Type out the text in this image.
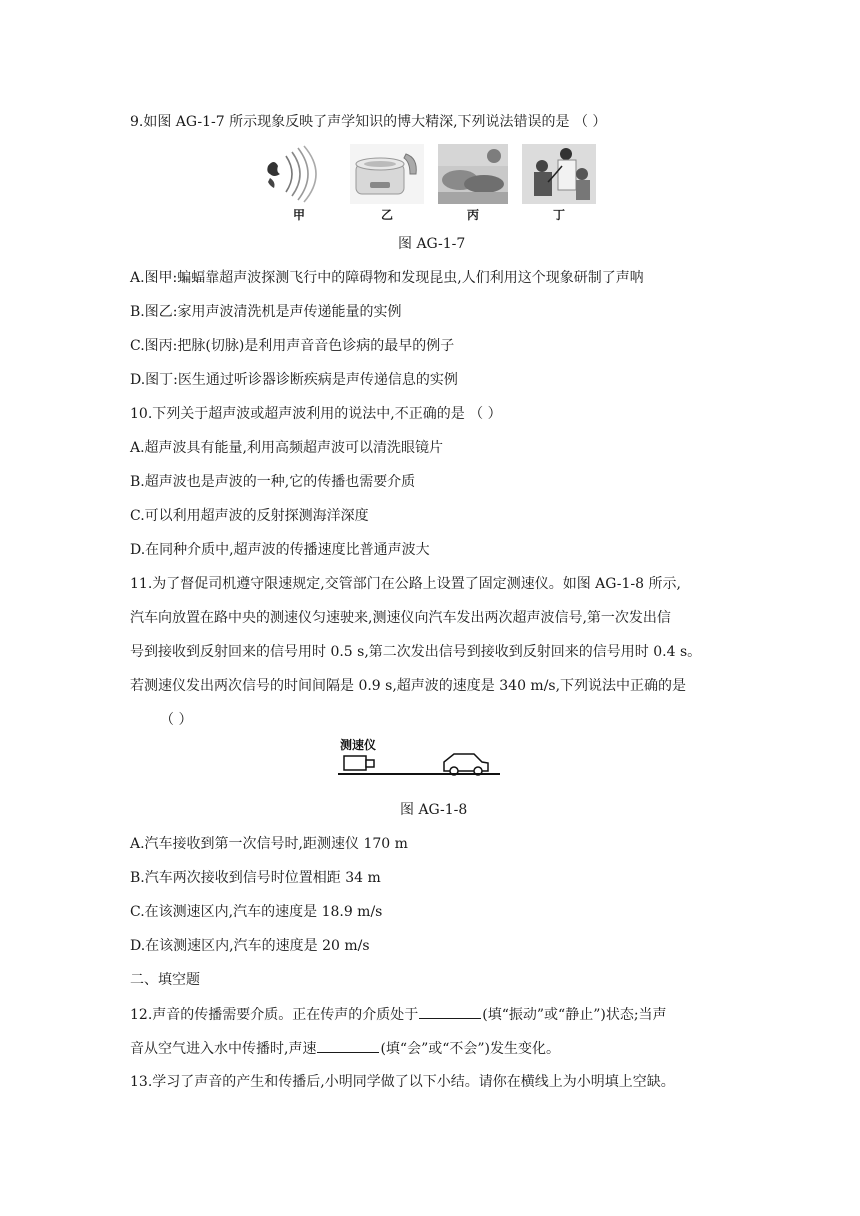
9.如图 AG-1-7 所示现象反映了声学知识的博大精深,下列说法错误的是 （ ）
甲	乙	丙	丁
图 AG-1-7
A.图甲:蝙蝠靠超声波探测飞行中的障碍物和发现昆虫,人们利用这个现象研制了声呐
B.图乙:家用声波清洗机是声传递能量的实例
C.图丙:把脉(切脉)是利用声音音色诊病的最早的例子
D.图丁:医生通过听诊器诊断疾病是声传递信息的实例
10.下列关于超声波或超声波利用的说法中,不正确的是 （ ）
A.超声波具有能量,利用高频超声波可以清洗眼镜片
B.超声波也是声波的一种,它的传播也需要介质
C.可以利用超声波的反射探测海洋深度
D.在同种介质中,超声波的传播速度比普通声波大
11.为了督促司机遵守限速规定,交管部门在公路上设置了固定测速仪。如图 AG-1-8 所示,
汽车向放置在路中央的测速仪匀速驶来,测速仪向汽车发出两次超声波信号,第一次发出信
号到接收到反射回来的信号用时 0.5 s,第二次发出信号到接收到反射回来的信号用时 0.4 s。
若测速仪发出两次信号的时间间隔是 0.9 s,超声波的速度是 340 m/s,下列说法中正确的是
（ ）
测速仪
图 AG-1-8
A.汽车接收到第一次信号时,距测速仪 170 m
B.汽车两次接收到信号时位置相距 34 m
C.在该测速区内,汽车的速度是 18.9 m/s
D.在该测速区内,汽车的速度是 20 m/s
二、填空题
12.声音的传播需要介质。正在传声的介质处于	(填“振动”或“静止”)状态;当声
音从空气进入水中传播时,声速	(填“会”或“不会”)发生变化。
13.学习了声音的产生和传播后,小明同学做了以下小结。请你在横线上为小明填上空缺。
